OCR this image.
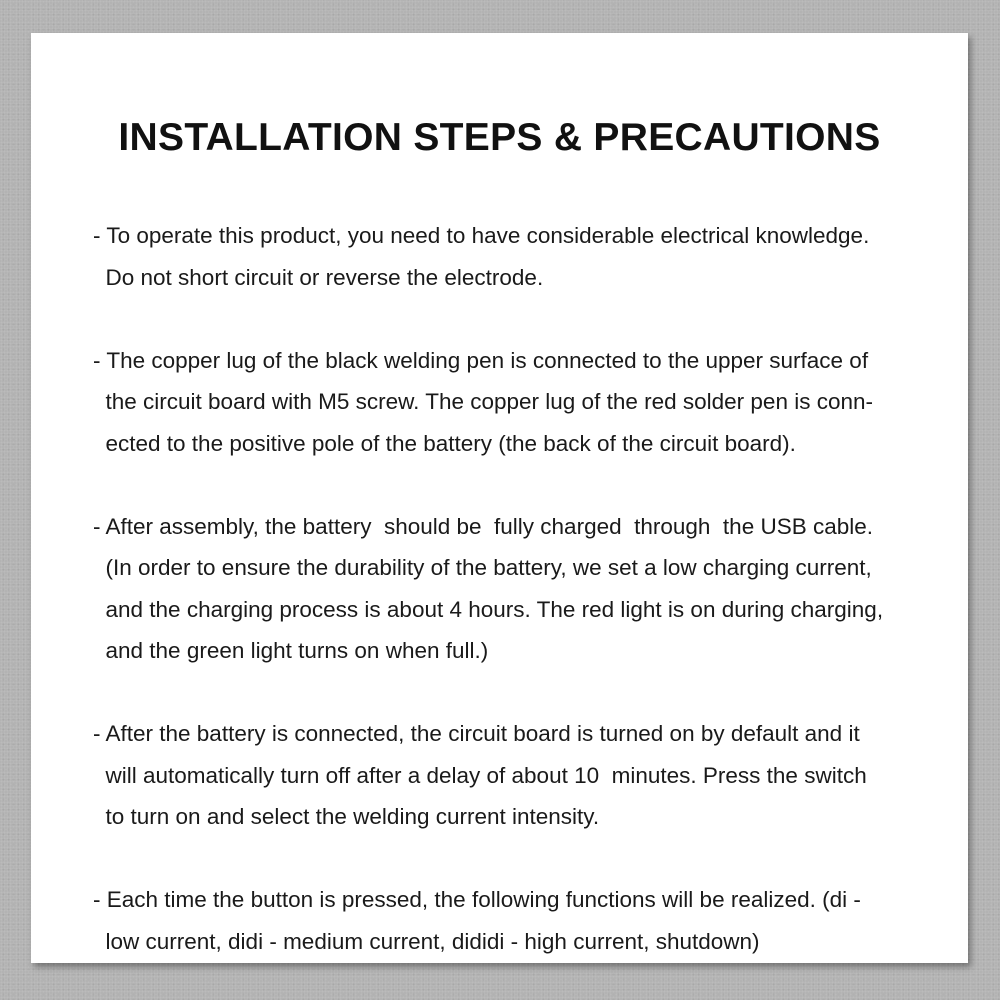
INSTALLATION STEPS & PRECAUTIONS
- To operate this product, you need to have considerable electrical knowledge.
Do not short circuit or reverse the electrode.
- The copper lug of the black welding pen is connected to the upper surface of
the circuit board with M5 screw. The copper lug of the red solder pen is conn-
ected to the positive pole of the battery (the back of the circuit board).
- After assembly, the battery  should be  fully charged  through  the USB cable.
(In order to ensure the durability of the battery, we set a low charging current,
and the charging process is about 4 hours. The red light is on during charging,
and the green light turns on when full.)
- After the battery is connected, the circuit board is turned on by default and it
will automatically turn off after a delay of about 10  minutes. Press the switch
to turn on and select the welding current intensity.
- Each time the button is pressed, the following functions will be realized. (di -
low current, didi - medium current, dididi - high current, shutdown)
